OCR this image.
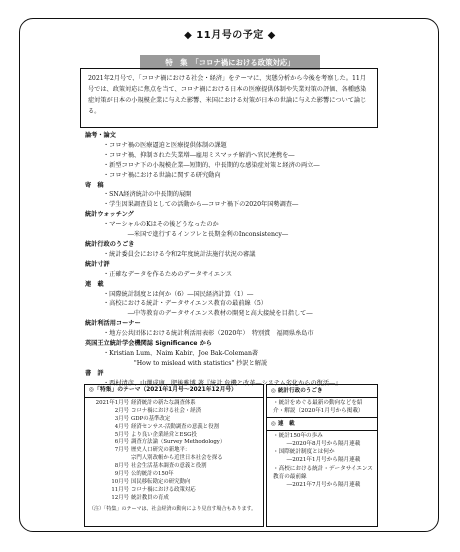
◆ 11月号の予定 ◆
特　集　「コロナ禍における政策対応」
2021年2月号で、「コロナ禍における社会・経済」をテーマに、実態分析から今後を考察した。11月号では、政策対応に焦点を当て、コロナ禍における日本の医療提供体制や失業対策の評価、各種感染症対策が日本の小規模企業に与えた影響、米国における対策が日本の世論に与えた影響について論じる。
論考・論文
・コロナ禍の医療逼迫と医療提供体制の課題
・コロナ禍、抑制された失業増―雇用ミスマッチ解消へ官民連携を―
・新型コロナ下の小規模企業―短期的、中長期的な感染症対策と経済の両立―
・コロナ禍における世論に関する研究動向
寄　稿
・SNA経済統計の中長期的展開
・学生因果調査員としての活動から―コロナ禍下の2020年国勢調査―
統計ウォッチング
・マーシャルのKはその後どうなったのか
　　　　―米国で進行するインフレと長期金利のInconsistency―
統計行政のうごき
・統計委員会における令和2年度統計法施行状況の審議
統計寸評
・正確なデータを作るためのデータサイエンス
連　載
・国際統計制度とは何か（6）―国民経済計算（1）―
・高校における統計・データサイエンス教育の最前線（5）
　　　　―中等教育のデータサイエンス教材の開発と高大接続を目指して―
統計利活用コーナー
・地方公共団体における統計利活用表彰（2020年）　特別賞　福岡県糸島市
英国王立統計学会機関誌 Significance から
・Kristian Lum、Naim Kabir、Joe Bak-Coleman著
　　　　　"How to mislead with statistics" 抄訳と解説
書　評
・西村清彦、山澤成康、肥後雅博 著『統計 危機と改革―システム劣化からの復活―』
◎「特集」のテーマ（2021年1月号～2021年12月号）
2021年1月号 経済統計の新たな調査体系
2月号 コロナ禍における社会・経済
3月号 GDPの基準改定
4月号 経済センサス-活動調査の意義と役割
5月号 より良い企業経営とESG投
6月号 調査方法論（Survey Methodology）
7月号 歴史人口研究の新地平：
宗門人別改帳から近世日本社会を探る
8月号 社会生活基本調査の意義と役割
9月号 公的統計の150年
10月号 国民移転勘定の研究動向
11月号 コロナ禍における政策対応
12月号 統計教員の育成
（注）「特集」のテーマは、社会経済の動向により見直す場合もあります。
◎ 統計行政のうごき
・統計をめぐる最新の動向などを紹介・解説（2020年1月号から掲載）
◎ 連　載
・統計150年の歩み
　―2020年8月号から隔月連載
・国際統計制度とは何か
　―2021年1月号から隔月連載
・高校における統計・データサイエンス教育の最前線
　―2021年7月号から隔月連載
